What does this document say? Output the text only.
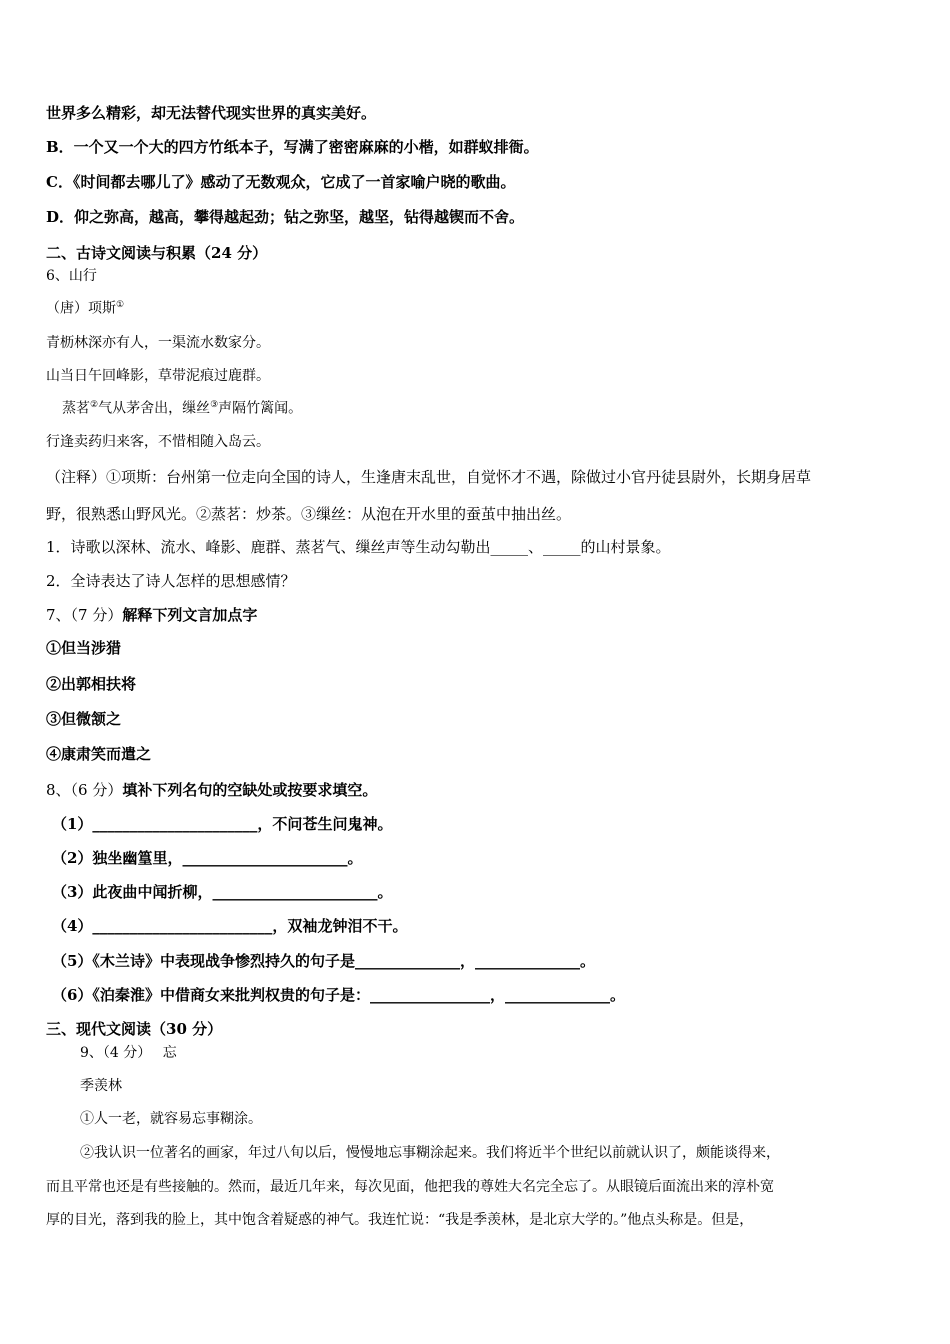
世界多么精彩，却无法替代现实世界的真实美好。
B．一个又一个大的四方竹纸本子，写满了密密麻麻的小楷，如群蚁排衙。
C．《时间都去哪儿了》感动了无数观众，它成了一首家喻户晓的歌曲。
D．仰之弥高，越高，攀得越起劲；钻之弥坚，越坚，钻得越锲而不舍。
二、古诗文阅读与积累（24 分）
6、山行
（唐）项斯①
青枥林深亦有人，一渠流水数家分。
山当日午回峰影，草带泥痕过鹿群。
蒸茗②气从茅舍出，缫丝③声隔竹篱闻。
行逢卖药归来客，不惜相随入岛云。
（注释）①项斯：台州第一位走向全国的诗人，生逢唐末乱世，自觉怀才不遇，除做过小官丹徒县尉外，长期身居草
野，很熟悉山野风光。②蒸茗：炒茶。③缫丝：从泡在开水里的蚕茧中抽出丝。
1．诗歌以深林、流水、峰影、鹿群、蒸茗气、缫丝声等生动勾勒出_____、_____的山村景象。
2．全诗表达了诗人怎样的思想感情？
7、（7 分）解释下列文言加点字
①但当涉猎
②出郭相扶将
③但微颔之
④康肃笑而遣之
8、（6 分）填补下列名句的空缺处或按要求填空。
（1）______________________，不问苍生问鬼神。
（2）独坐幽篁里，______________________。
（3）此夜曲中闻折柳，______________________。
（4）________________________，双袖龙钟泪不干。
（5）《木兰诗》中表现战争惨烈持久的句子是______________，______________。
（6）《泊秦淮》中借商女来批判权贵的句子是：________________，______________。
三、现代文阅读（30 分）
9、（4 分）　 忘
季羡林
①人一老，就容易忘事糊涂。
②我认识一位著名的画家，年过八旬以后，慢慢地忘事糊涂起来。我们将近半个世纪以前就认识了，颇能谈得来，
而且平常也还是有些接触的。然而，最近几年来，每次见面，他把我的尊姓大名完全忘了。从眼镜后面流出来的淳朴宽
厚的目光，落到我的脸上，其中饱含着疑惑的神气。我连忙说：“我是季羡林，是北京大学的。”他点头称是。但是，
